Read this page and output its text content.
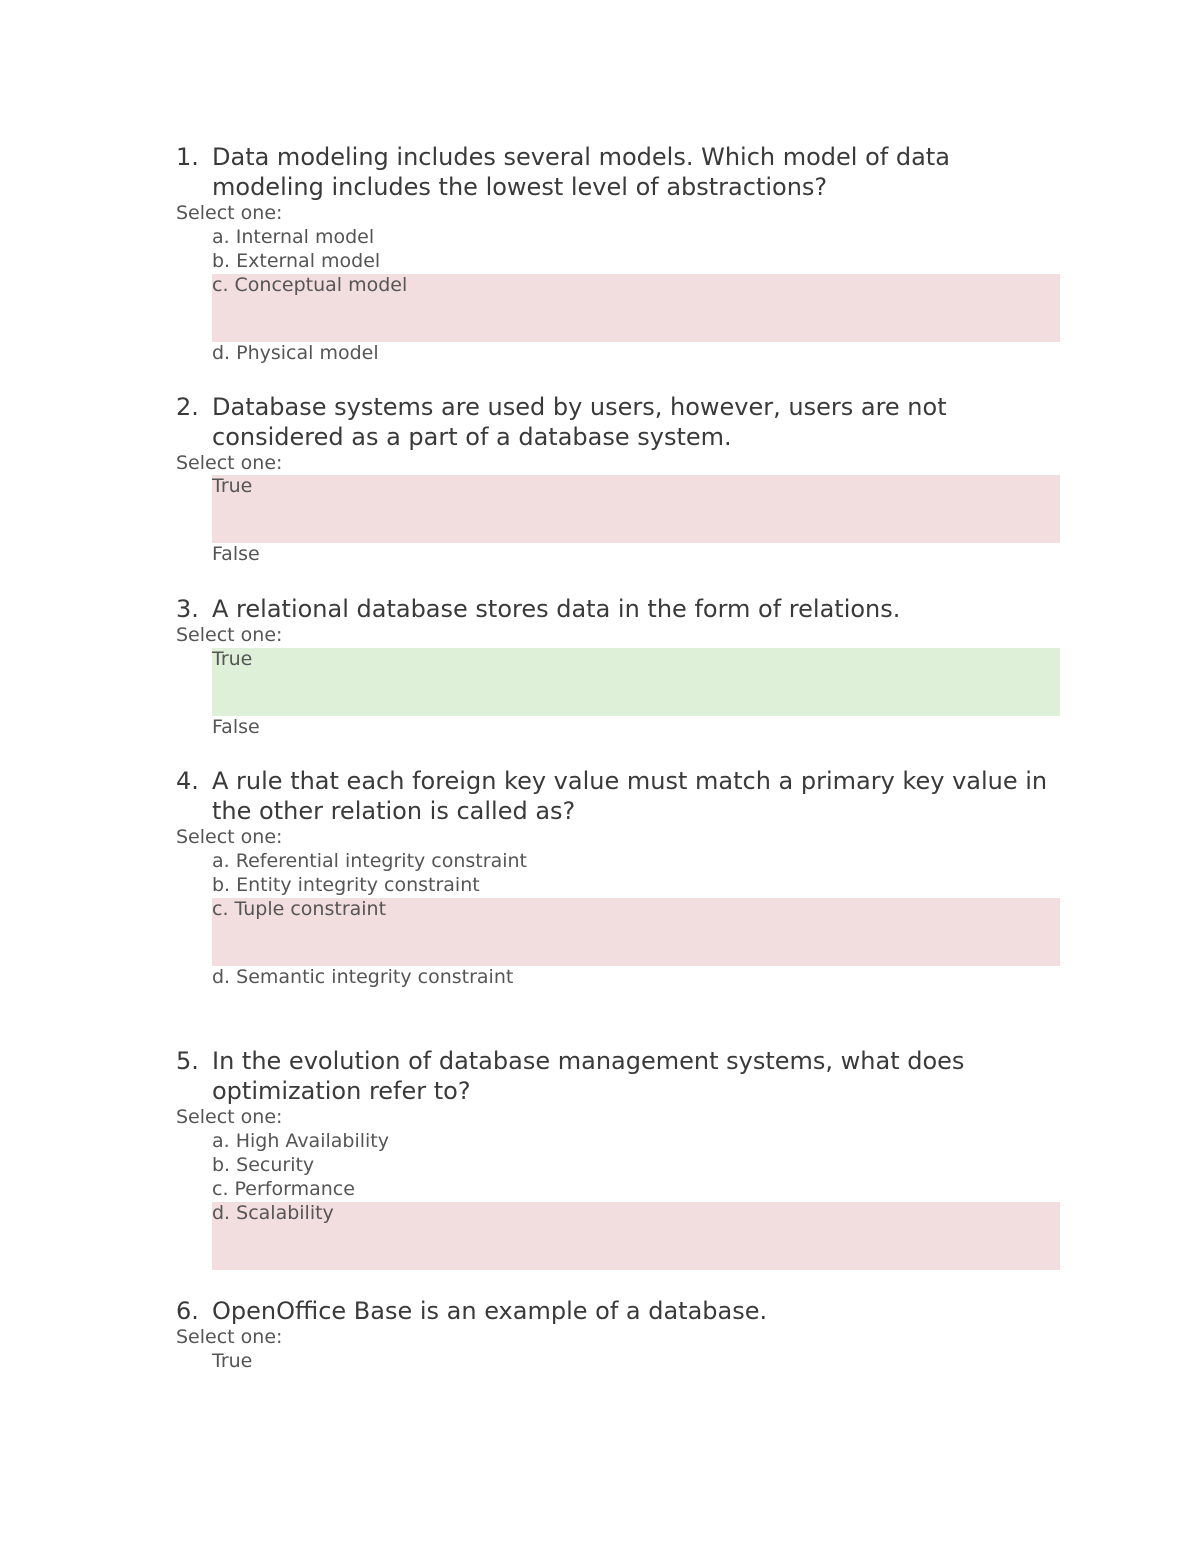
1. Data modeling includes several models. Which model of data modeling includes the lowest level of abstractions?
Select one:
a. Internal model
b. External model
c. Conceptual model
d. Physical model
2. Database systems are used by users, however, users are not considered as a part of a database system.
Select one:
True
False
3. A relational database stores data in the form of relations.
Select one:
True
False
4. A rule that each foreign key value must match a primary key value in the other relation is called as?
Select one:
a. Referential integrity constraint
b. Entity integrity constraint
c. Tuple constraint
d. Semantic integrity constraint
5. In the evolution of database management systems, what does optimization refer to?
Select one:
a. High Availability
b. Security
c. Performance
d. Scalability
6. OpenOffice Base is an example of a database.
Select one:
True
